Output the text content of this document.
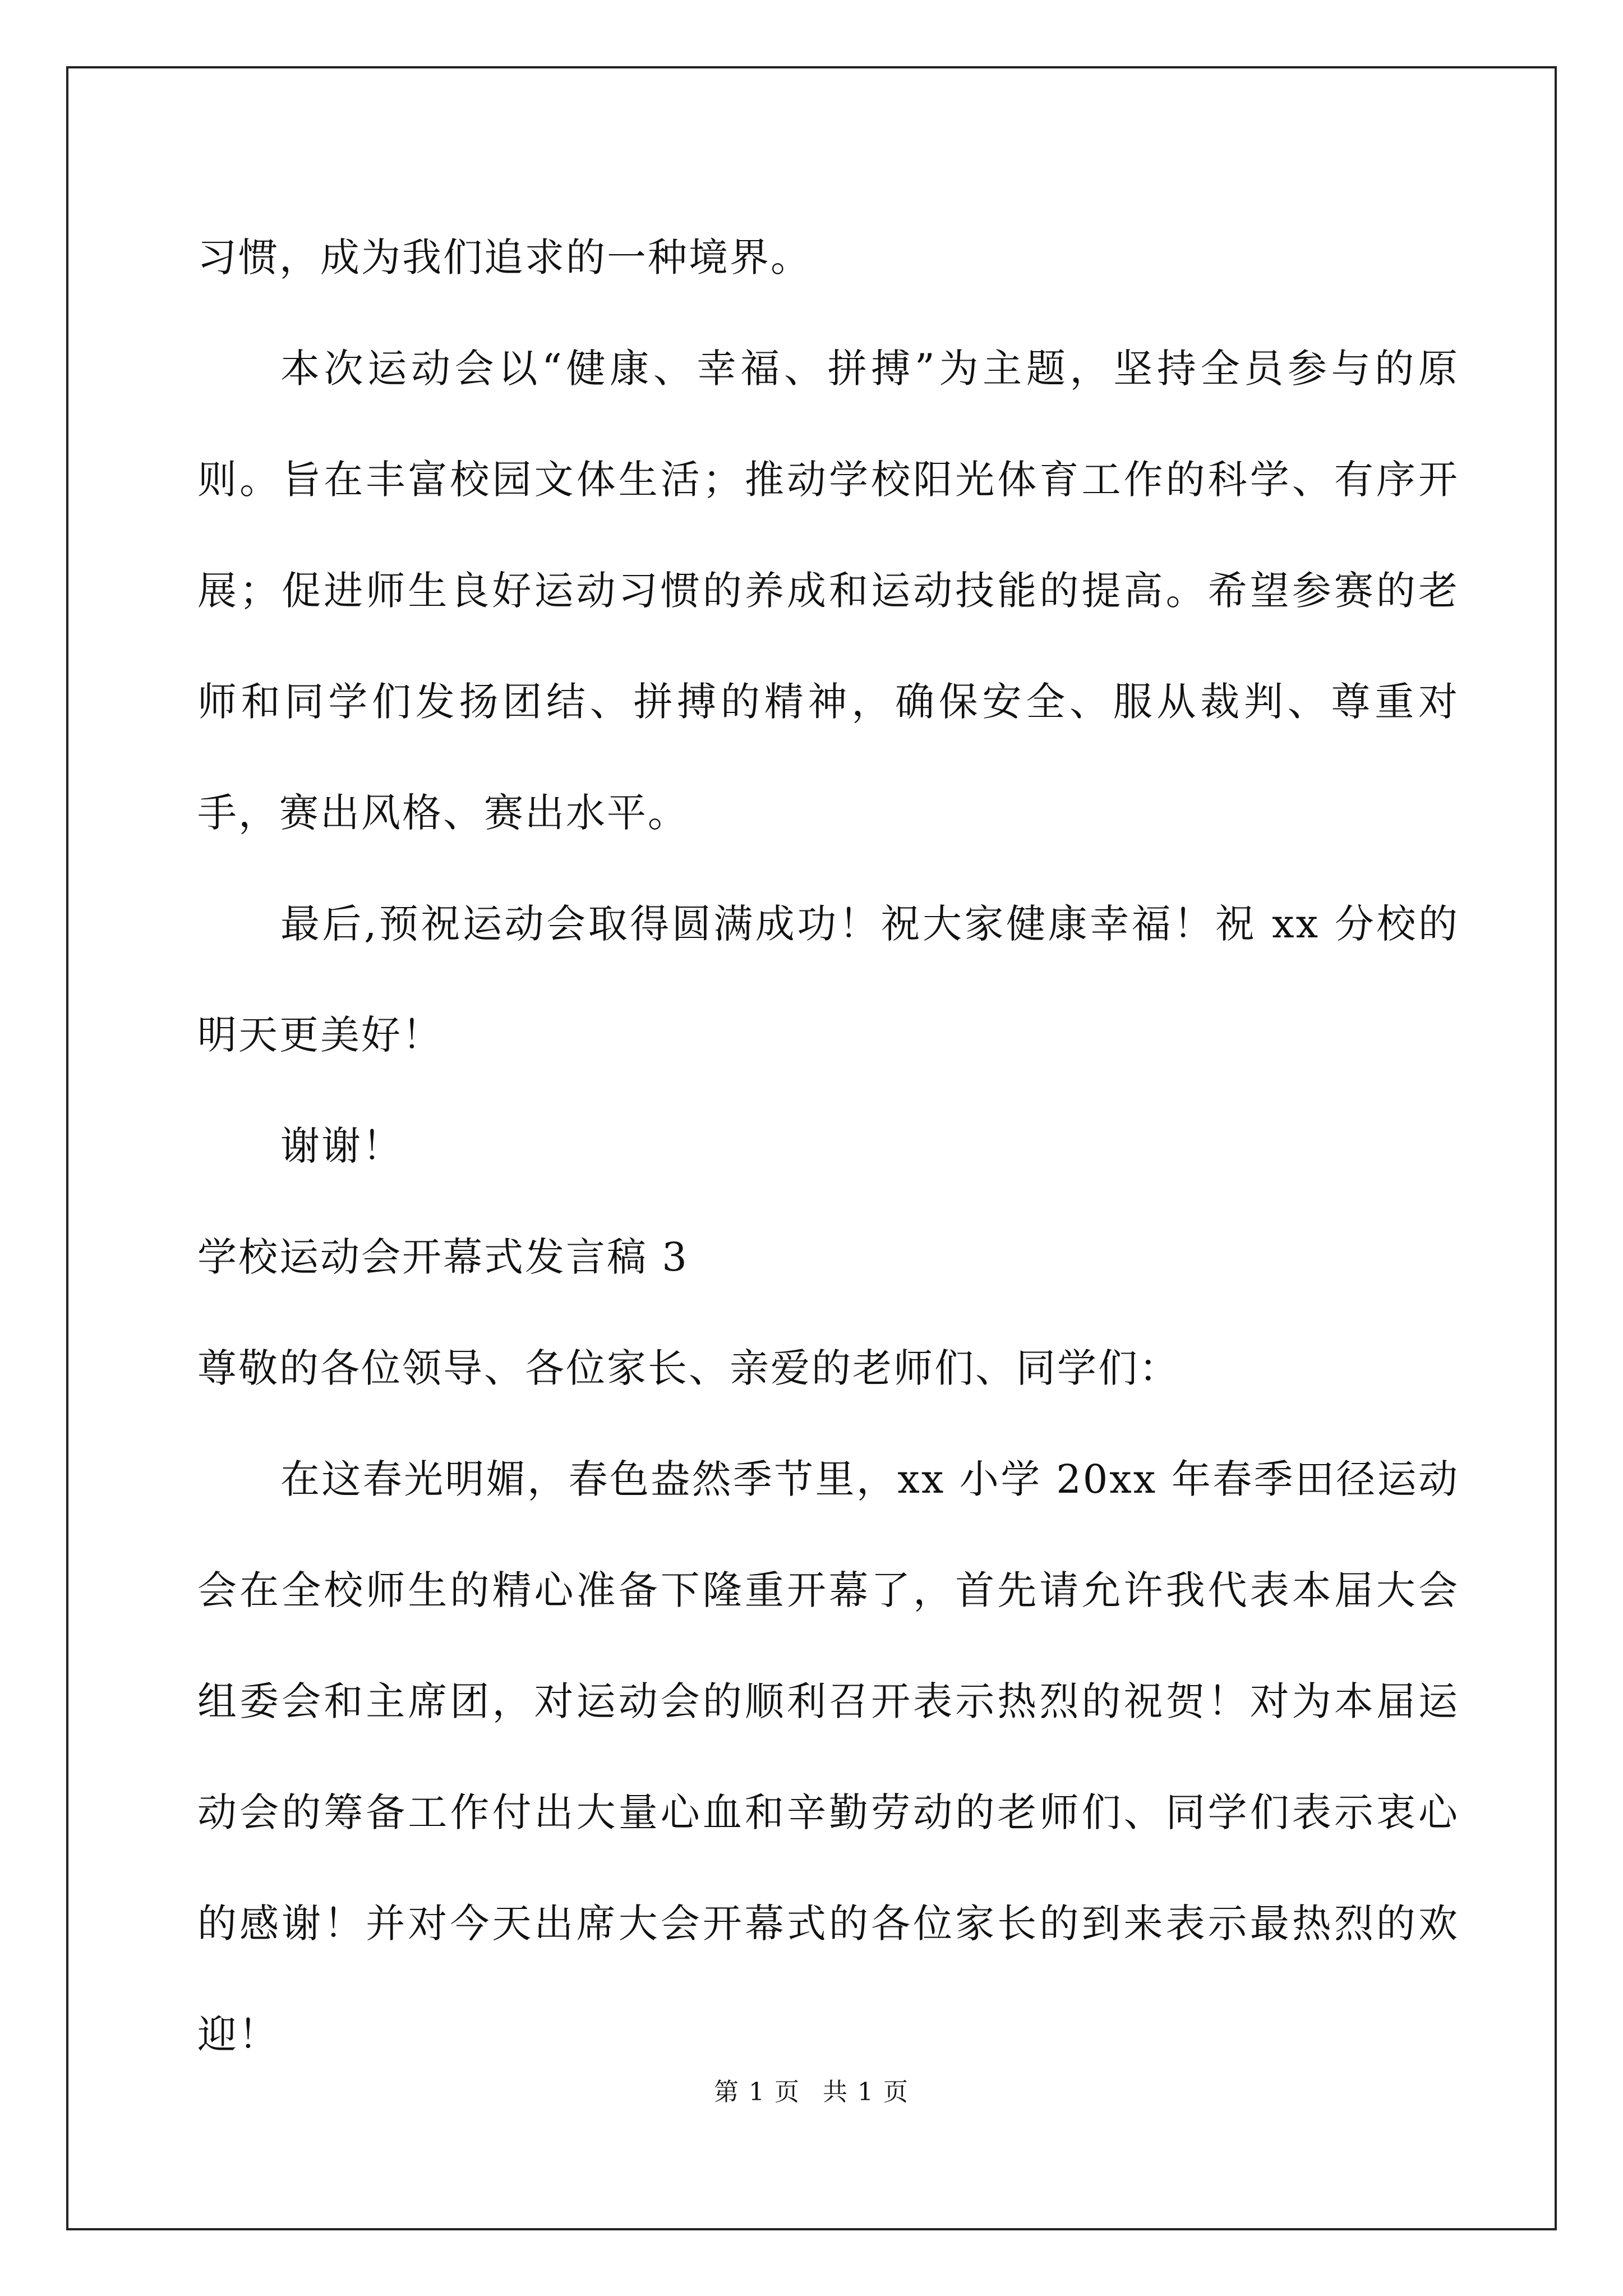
习惯，成为我们追求的一种境界。

本次运动会以“健康、幸福、拼搏”为主题，坚持全员参与的原则。旨在丰富校园文体生活；推动学校阳光体育工作的科学、有序开展；促进师生良好运动习惯的养成和运动技能的提高。希望参赛的老师和同学们发扬团结、拼搏的精神，确保安全、服从裁判、尊重对手，赛出风格、赛出水平。

最后,预祝运动会取得圆满成功！祝大家健康幸福！祝 xx 分校的明天更美好！

谢谢！

学校运动会开幕式发言稿 3

尊敬的各位领导、各位家长、亲爱的老师们、同学们：

在这春光明媚，春色盎然季节里，xx 小学 20xx 年春季田径运动会在全校师生的精心准备下隆重开幕了，首先请允许我代表本届大会组委会和主席团，对运动会的顺利召开表示热烈的祝贺！对为本届运动会的筹备工作付出大量心血和辛勤劳动的老师们、同学们表示衷心的感谢！并对今天出席大会开幕式的各位家长的到来表示最热烈的欢迎！

第 1 页 共 1 页
